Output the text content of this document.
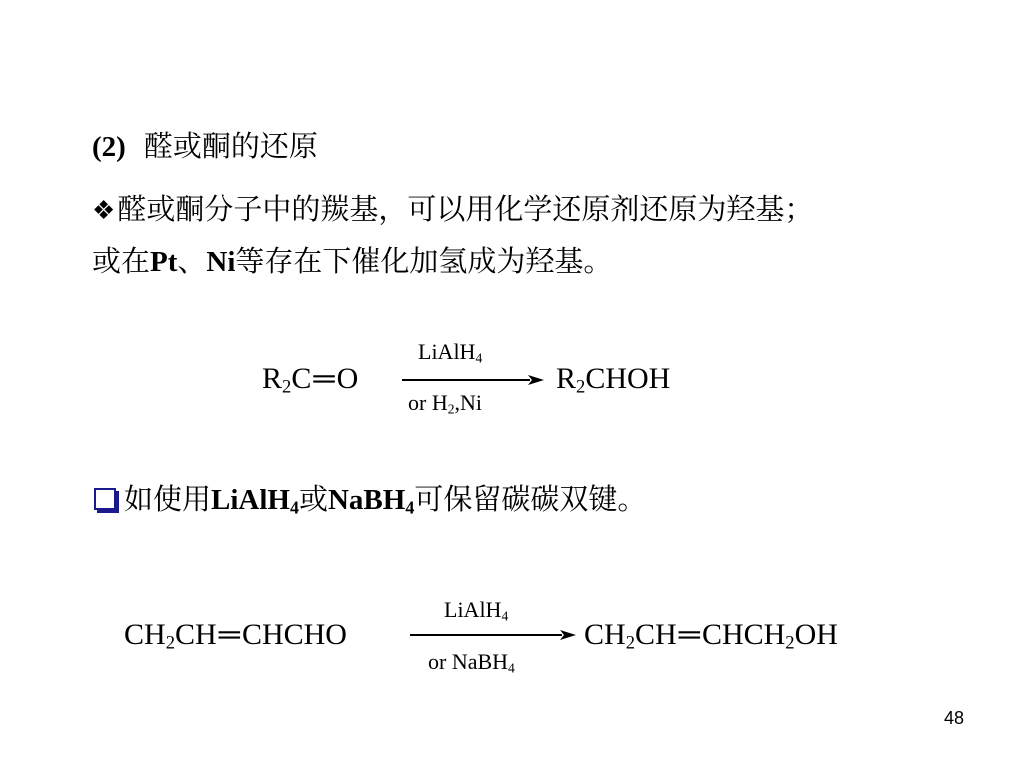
(2) 醛或酮的还原
❖醛或酮分子中的羰基，可以用化学还原剂还原为羟基；
或在Pt、Ni等存在下催化加氢成为羟基。
$R_2C═O$
LiAlH$_4$
or $H_2,Ni$
$R_2CHOH$
如使用LiAlH$_4$或NaBH$_4$可保留碳碳双键。
$CH_2CH═CHCHO$
LiAlH$_4$
or NaBH$_4$
$CH_2CH═CHCH_2OH$
48
